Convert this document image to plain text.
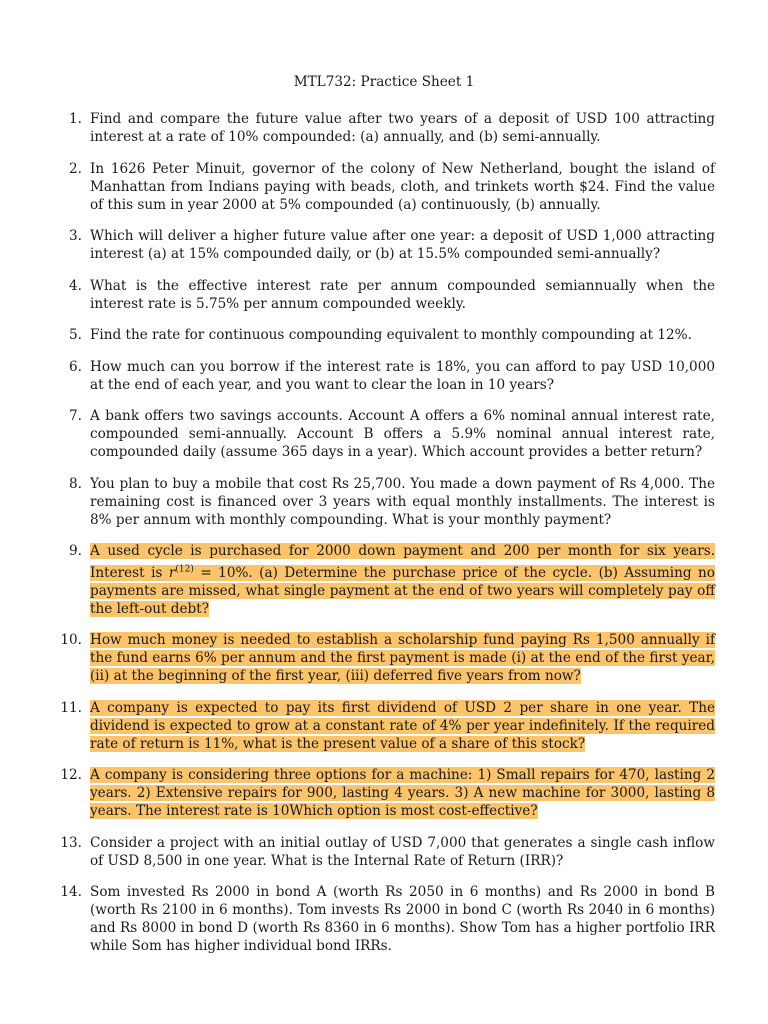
MTL732: Practice Sheet 1
1. Find and compare the future value after two years of a deposit of USD 100 attracting interest at a rate of 10% compounded: (a) annually, and (b) semi-annually.
2. In 1626 Peter Minuit, governor of the colony of New Netherland, bought the island of Manhattan from Indians paying with beads, cloth, and trinkets worth $24. Find the value of this sum in year 2000 at 5% compounded (a) continuously, (b) annually.
3. Which will deliver a higher future value after one year: a deposit of USD 1,000 attracting interest (a) at 15% compounded daily, or (b) at 15.5% compounded semi-annually?
4. What is the effective interest rate per annum compounded semiannually when the interest rate is 5.75% per annum compounded weekly.
5. Find the rate for continuous compounding equivalent to monthly compounding at 12%.
6. How much can you borrow if the interest rate is 18%, you can afford to pay USD 10,000 at the end of each year, and you want to clear the loan in 10 years?
7. A bank offers two savings accounts. Account A offers a 6% nominal annual interest rate, compounded semi-annually. Account B offers a 5.9% nominal annual interest rate, compounded daily (assume 365 days in a year). Which account provides a better return?
8. You plan to buy a mobile that cost Rs 25,700. You made a down payment of Rs 4,000. The remaining cost is financed over 3 years with equal monthly installments. The interest is 8% per annum with monthly compounding. What is your monthly payment?
9. A used cycle is purchased for 2000 down payment and 200 per month for six years. Interest is $r^{(12)} = 10\%$. (a) Determine the purchase price of the cycle. (b) Assuming no payments are missed, what single payment at the end of two years will completely pay off the left-out debt?
10. How much money is needed to establish a scholarship fund paying Rs 1,500 annually if the fund earns 6% per annum and the first payment is made (i) at the end of the first year, (ii) at the beginning of the first year, (iii) deferred five years from now?
11. A company is expected to pay its first dividend of USD 2 per share in one year. The dividend is expected to grow at a constant rate of 4% per year indefinitely. If the required rate of return is 11%, what is the present value of a share of this stock?
12. A company is considering three options for a machine: 1) Small repairs for 470, lasting 2 years. 2) Extensive repairs for 900, lasting 4 years. 3) A new machine for 3000, lasting 8 years. The interest rate is 10Which option is most cost-effective?
13. Consider a project with an initial outlay of USD 7,000 that generates a single cash inflow of USD 8,500 in one year. What is the Internal Rate of Return (IRR)?
14. Som invested Rs 2000 in bond A (worth Rs 2050 in 6 months) and Rs 2000 in bond B (worth Rs 2100 in 6 months). Tom invests Rs 2000 in bond C (worth Rs 2040 in 6 months) and Rs 8000 in bond D (worth Rs 8360 in 6 months). Show Tom has a higher portfolio IRR while Som has higher individual bond IRRs.
